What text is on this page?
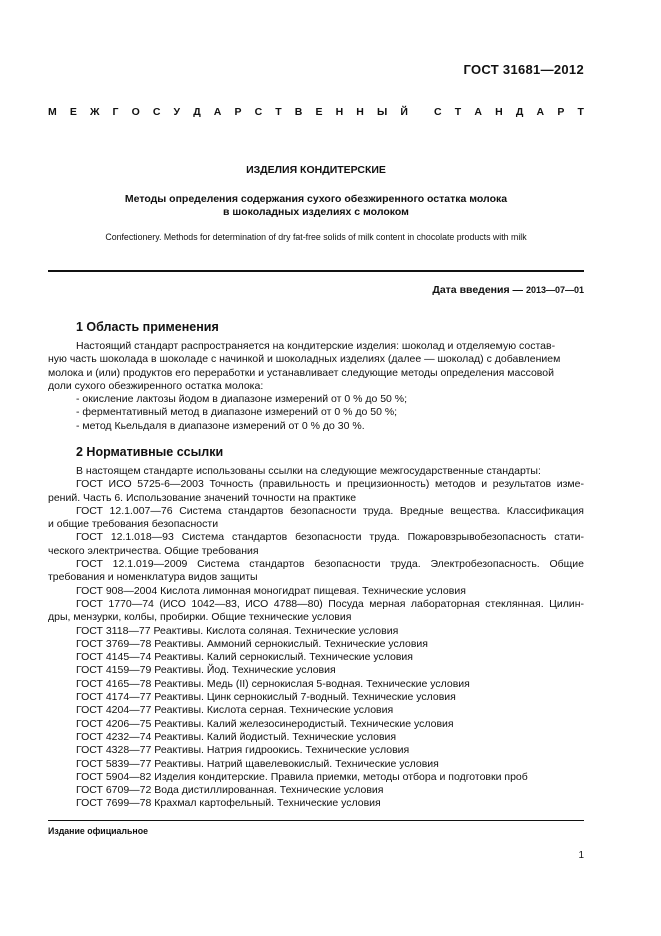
ГОСТ 31681—2012
М Е Ж Г О С У Д А Р С Т В Е Н Н Ы Й С Т А Н Д А Р Т
ИЗДЕЛИЯ КОНДИТЕРСКИЕ
Методы определения содержания сухого обезжиренного остатка молока
в шоколадных изделиях с молоком
Confectionery. Methods for determination of dry fat-free solids of milk content in chocolate products with milk
Дата введения — 2013—07—01
1 Область применения

Настоящий стандарт распространяется на кондитерские изделия: шоколад и отделяемую состав-

ную часть шоколада в шоколаде с начинкой и шоколадных изделиях (далее — шоколад) с добавлением

молока и (или) продуктов его переработки и устанавливает следующие методы определения массовой

доли сухого обезжиренного остатка молока:

- окисление лактозы йодом в диапазоне измерений от 0 % до 50 %;

- ферментативный метод в диапазоне измерений от 0 % до 50 %;

- метод Кьельдаля в диапазоне измерений от 0 % до 30 %.

2 Нормативные ссылки

В настоящем стандарте использованы ссылки на следующие межгосударственные стандарты:

ГОСТ ИСО 5725-6—2003 Точность (правильность и прецизионность) методов и результатов изме-

рений. Часть 6. Использование значений точности на практике

ГОСТ 12.1.007—76 Система стандартов безопасности труда. Вредные вещества. Классификация

и общие требования безопасности

ГОСТ 12.1.018—93 Система стандартов безопасности труда. Пожаровзрывобезопасность стати-

ческого электричества. Общие требования

ГОСТ 12.1.019—2009 Система стандартов безопасности труда. Электробезопасность. Общие

требования и номенклатура видов защиты

ГОСТ 908—2004 Кислота лимонная моногидрат пищевая. Технические условия

ГОСТ 1770—74 (ИСО 1042—83, ИСО 4788—80) Посуда мерная лабораторная стеклянная. Цилин-

дры, мензурки, колбы, пробирки. Общие технические условия

ГОСТ 3118—77 Реактивы. Кислота соляная. Технические условия

ГОСТ 3769—78 Реактивы. Аммоний сернокислый. Технические условия

ГОСТ 4145—74 Реактивы. Калий сернокислый. Технические условия

ГОСТ 4159—79 Реактивы. Йод. Технические условия

ГОСТ 4165—78 Реактивы. Медь (II) сернокислая 5-водная. Технические условия

ГОСТ 4174—77 Реактивы. Цинк сернокислый 7-водный. Технические условия

ГОСТ 4204—77 Реактивы. Кислота серная. Технические условия

ГОСТ 4206—75 Реактивы. Калий железосинеродистый. Технические условия

ГОСТ 4232—74 Реактивы. Калий йодистый. Технические условия

ГОСТ 4328—77 Реактивы. Натрия гидроокись. Технические условия

ГОСТ 5839—77 Реактивы. Натрий щавелевокислый. Технические условия

ГОСТ 5904—82 Изделия кондитерские. Правила приемки, методы отбора и подготовки проб

ГОСТ 6709—72 Вода дистиллированная. Технические условия

ГОСТ 7699—78 Крахмал картофельный. Технические условия

Издание официальное
1
